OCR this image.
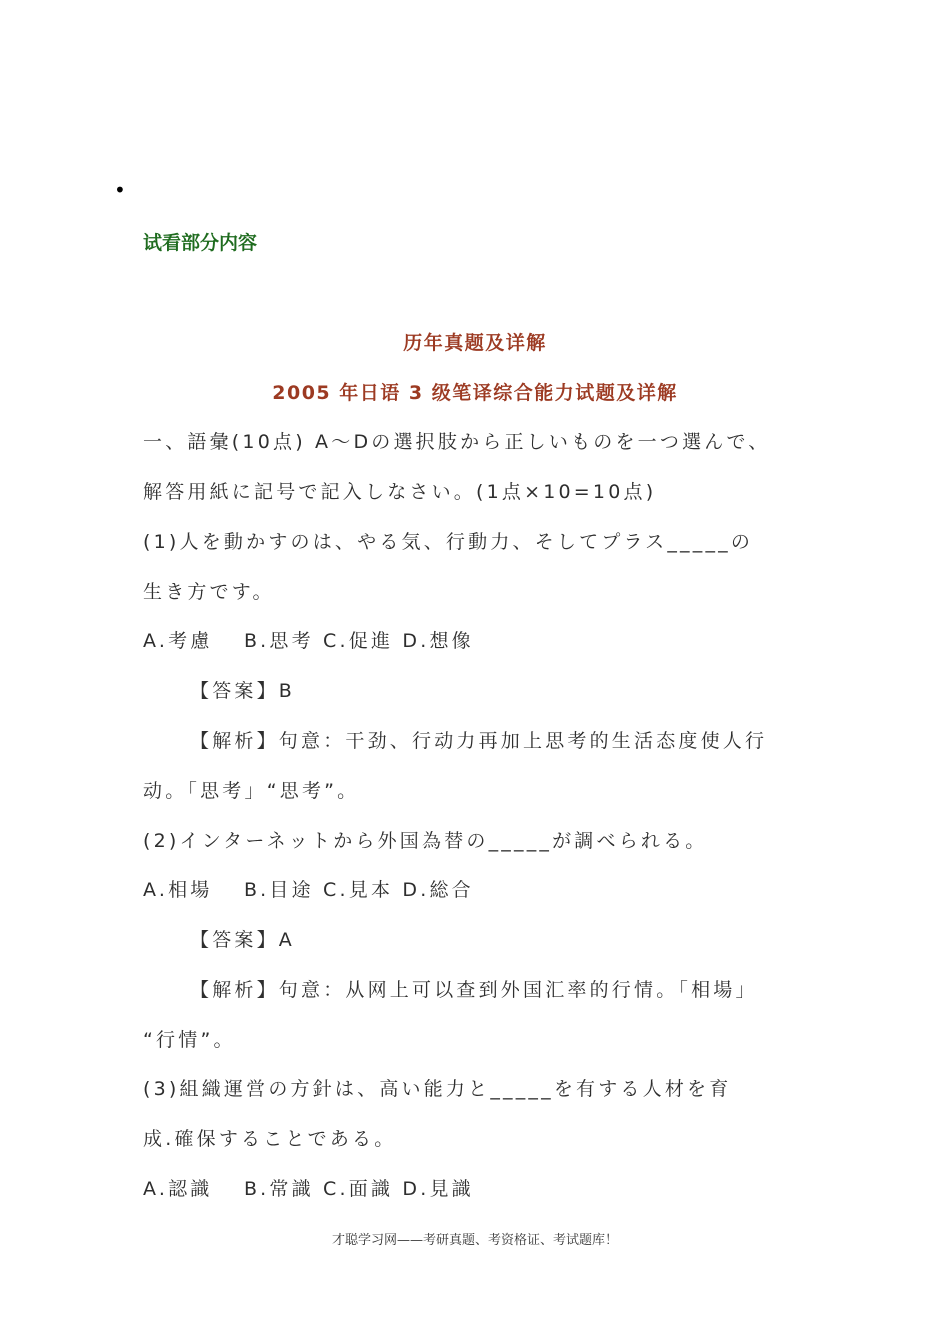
•
试看部分内容
历年真题及详解
2005 年日语 3 级笔译综合能力试题及详解
一、語彙(10点) A～Dの選択肢から正しいものを一つ選んで、
解答用紙に記号で記入しなさい。(1点×10=10点)
(1)人を動かすのは、やる気、行動力、そしてプラス_____の
生き方です。
A.考慮　 B.思考 C.促進 D.想像
【答案】B
【解析】句意：干劲、行动力再加上思考的生活态度使人行
动。「思考」“思考”。
(2)インターネットから外国為替の_____が調べられる。
A.相場　 B.目途 C.見本 D.総合
【答案】A
【解析】句意：从网上可以查到外国汇率的行情。「相場」
“行情”。
(3)組織運営の方針は、高い能力と_____を有する人材を育
成.確保することである。
A.認識　 B.常識 C.面識 D.見識
才聪学习网——考研真题、考资格证、考试题库！
